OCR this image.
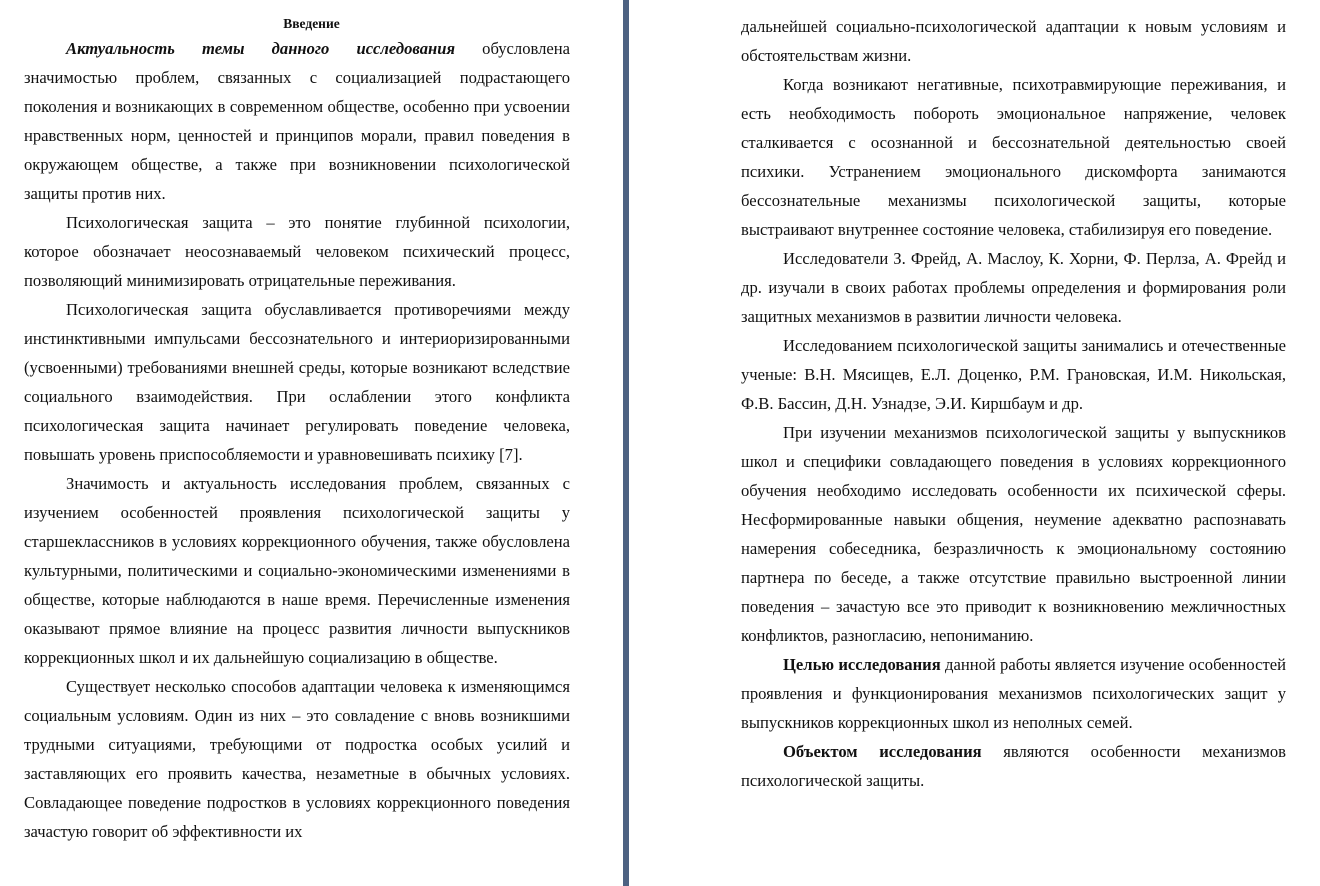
Введение

Актуальность темы данного исследования обусловлена значимостью проблем, связанных с социализацией подрастающего поколения и возникающих в современном обществе, особенно при усвоении нравственных норм, ценностей и принципов морали, правил поведения в окружающем обществе, а также при возникновении психологической защиты против них.

Психологическая защита – это понятие глубинной психологии, которое обозначает неосознаваемый человеком психический процесс, позволяющий минимизировать отрицательные переживания.

Психологическая защита обуславливается противоречиями между инстинктивными импульсами бессознательного и интериоризированными (усвоенными) требованиями внешней среды, которые возникают вследствие социального взаимодействия. При ослаблении этого конфликта психологическая защита начинает регулировать поведение человека, повышать уровень приспособляемости и уравновешивать психику [7].

Значимость и актуальность исследования проблем, связанных с изучением особенностей проявления психологической защиты у старшеклассников в условиях коррекционного обучения, также обусловлена культурными, политическими и социально-экономическими изменениями в обществе, которые наблюдаются в наше время. Перечисленные изменения оказывают прямое влияние на процесс развития личности выпускников коррекционных школ и их дальнейшую социализацию в обществе.

Существует несколько способов адаптации человека к изменяющимся социальным условиям. Один из них – это совладение с вновь возникшими трудными ситуациями, требующими от подростка особых усилий и заставляющих его проявить качества, незаметные в обычных условиях. Совладающее поведение подростков в условиях коррекционного поведения зачастую говорит об эффективности их

дальнейшей социально-психологической адаптации к новым условиям и обстоятельствам жизни.

Когда возникают негативные, психотравмирующие переживания, и есть необходимость побороть эмоциональное напряжение, человек сталкивается с осознанной и бессознательной деятельностью своей психики. Устранением эмоционального дискомфорта занимаются бессознательные механизмы психологической защиты, которые выстраивают внутреннее состояние человека, стабилизируя его поведение.

Исследователи З. Фрейд, А. Маслоу, К. Хорни, Ф. Перлза, А. Фрейд и др. изучали в своих работах проблемы определения и формирования роли защитных механизмов в развитии личности человека.

Исследованием психологической защиты занимались и отечественные ученые: В.Н. Мясищев, Е.Л. Доценко, Р.М. Грановская, И.М. Никольская, Ф.В. Бассин, Д.Н. Узнадзе, Э.И. Киршбаум и др.

При изучении механизмов психологической защиты у выпускников школ и специфики совладающего поведения в условиях коррекционного обучения необходимо исследовать особенности их психической сферы. Несформированные навыки общения, неумение адекватно распознавать намерения собеседника, безразличность к эмоциональному состоянию партнера по беседе, а также отсутствие правильно выстроенной линии поведения – зачастую все это приводит к возникновению межличностных конфликтов, разногласию, непониманию.

Целью исследования данной работы является изучение особенностей проявления и функционирования механизмов психологических защит у выпускников коррекционных школ из неполных семей.

Объектом исследования являются особенности механизмов психологической защиты.
